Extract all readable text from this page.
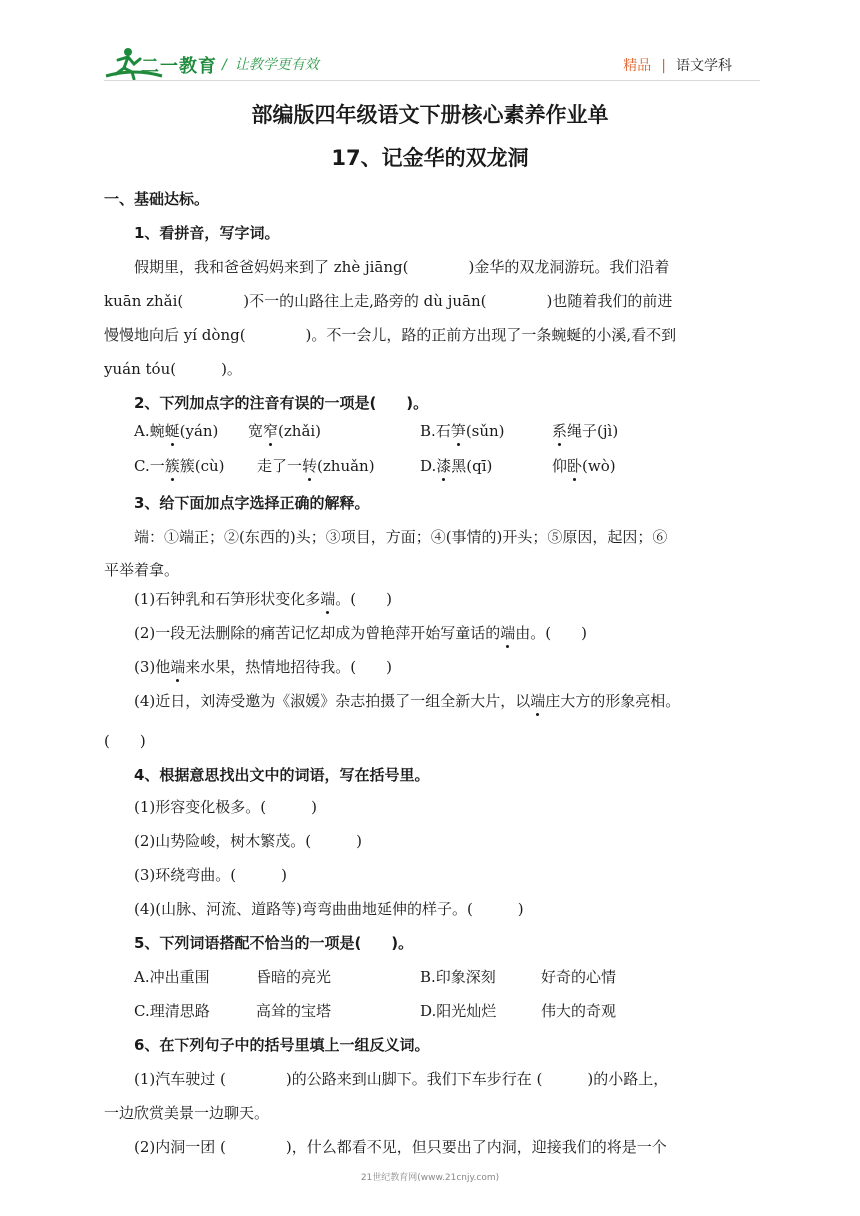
二一教育 / 让教学更有效	精品 | 语文学科
部编版四年级语文下册核心素养作业单
17、记金华的双龙洞
一、基础达标。
1、看拼音，写字词。
假期里，我和爸爸妈妈来到了 zhè jiāng(　　　　)金华的双龙洞游玩。我们沿着
kuān zhǎi(　　　　)不一的山路往上走,路旁的 dù juān(　　　　)也随着我们的前进
慢慢地向后 yí dòng(　　　　)。不一会儿，路的正前方出现了一条蜿蜒的小溪,看不到
yuán tóu(　　　)。
2、下列加点字的注音有误的一项是(　　)。
A.蜿蜒(yán) 宽窄(zhǎi)	B.石笋(sǔn)	系绳子(jì)
C.一簇簇(cù) 走了一转(zhuǎn)	D.漆黑(qī)	仰卧(wò)
3、给下面加点字选择正确的解释。
端：①端正；②(东西的)头；③项目，方面；④(事情的)开头；⑤原因，起因；⑥
平举着拿。
(1)石钟乳和石笋形状变化多端。(　　)
(2)一段无法删除的痛苦记忆却成为曾艳萍开始写童话的端由。(　　)
(3)他端来水果，热情地招待我。(　　)
(4)近日，刘涛受邀为《淑媛》杂志拍摄了一组全新大片，以端庄大方的形象亮相。
(　　)
4、根据意思找出文中的词语，写在括号里。
(1)形容变化极多。(　　　)
(2)山势险峻，树木繁茂。(　　　)
(3)环绕弯曲。(　　　)
(4)(山脉、河流、道路等)弯弯曲曲地延伸的样子。(　　　)
5、下列词语搭配不恰当的一项是(　　)。
A.冲出重围	昏暗的亮光	B.印象深刻	好奇的心情
C.理清思路	高耸的宝塔	D.阳光灿烂	伟大的奇观
6、在下列句子中的括号里填上一组反义词。
(1)汽车驶过 (　　　　)的公路来到山脚下。我们下车步行在 (　　　)的小路上，
一边欣赏美景一边聊天。
(2)内洞一团 (　　　　)，什么都看不见，但只要出了内洞，迎接我们的将是一个
21世纪教育网(www.21cnjy.com)
